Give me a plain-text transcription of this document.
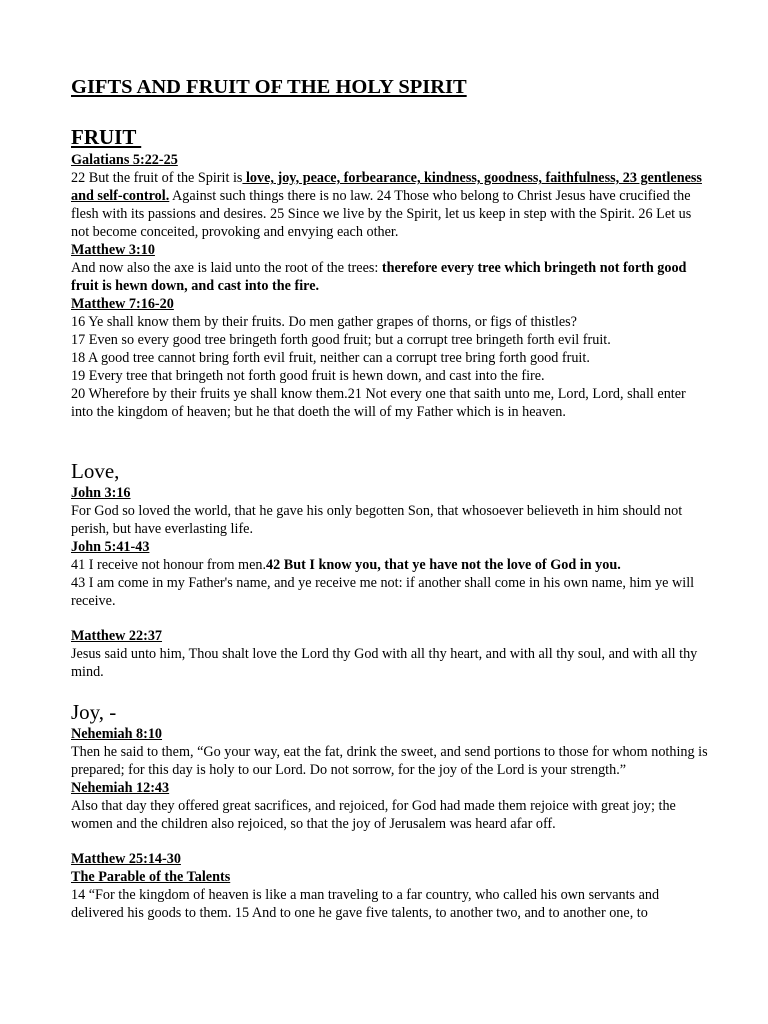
GIFTS AND FRUIT OF THE HOLY SPIRIT
FRUIT

Galatians 5:22-25

22 But the fruit of the Spirit is love, joy, peace, forbearance, kindness, goodness, faithfulness, 23 gentleness and self-control. Against such things there is no law. 24 Those who belong to Christ Jesus have crucified the flesh with its passions and desires. 25 Since we live by the Spirit, let us keep in step with the Spirit. 26 Let us not become conceited, provoking and envying each other.

Matthew 3:10

And now also the axe is laid unto the root of the trees: therefore every tree which bringeth not forth good fruit is hewn down, and cast into the fire.

Matthew 7:16-20

16 Ye shall know them by their fruits. Do men gather grapes of thorns, or figs of thistles?

17 Even so every good tree bringeth forth good fruit; but a corrupt tree bringeth forth evil fruit.

18 A good tree cannot bring forth evil fruit, neither can a corrupt tree bring forth good fruit.

19 Every tree that bringeth not forth good fruit is hewn down, and cast into the fire.

20 Wherefore by their fruits ye shall know them.21 Not every one that saith unto me, Lord, Lord, shall enter into the kingdom of heaven; but he that doeth the will of my Father which is in heaven.

Love,

John 3:16

For God so loved the world, that he gave his only begotten Son, that whosoever believeth in him should not perish, but have everlasting life.

John 5:41-43

41 I receive not honour from men.42 But I know you, that ye have not the love of God in you.

43 I am come in my Father's name, and ye receive me not: if another shall come in his own name, him ye will receive.

Matthew 22:37

Jesus said unto him, Thou shalt love the Lord thy God with all thy heart, and with all thy soul, and with all thy mind.

Joy, -

Nehemiah 8:10

Then he said to them, “Go your way, eat the fat, drink the sweet, and send portions to those for whom nothing is prepared; for this day is holy to our Lord. Do not sorrow, for the joy of the Lord is your strength.”

Nehemiah 12:43

Also that day they offered great sacrifices, and rejoiced, for God had made them rejoice with great joy; the women and the children also rejoiced, so that the joy of Jerusalem was heard afar off.

Matthew 25:14-30

The Parable of the Talents

14 “For the kingdom of heaven is like a man traveling to a far country, who called his own servants and delivered his goods to them. 15 And to one he gave five talents, to another two, and to another one, to
